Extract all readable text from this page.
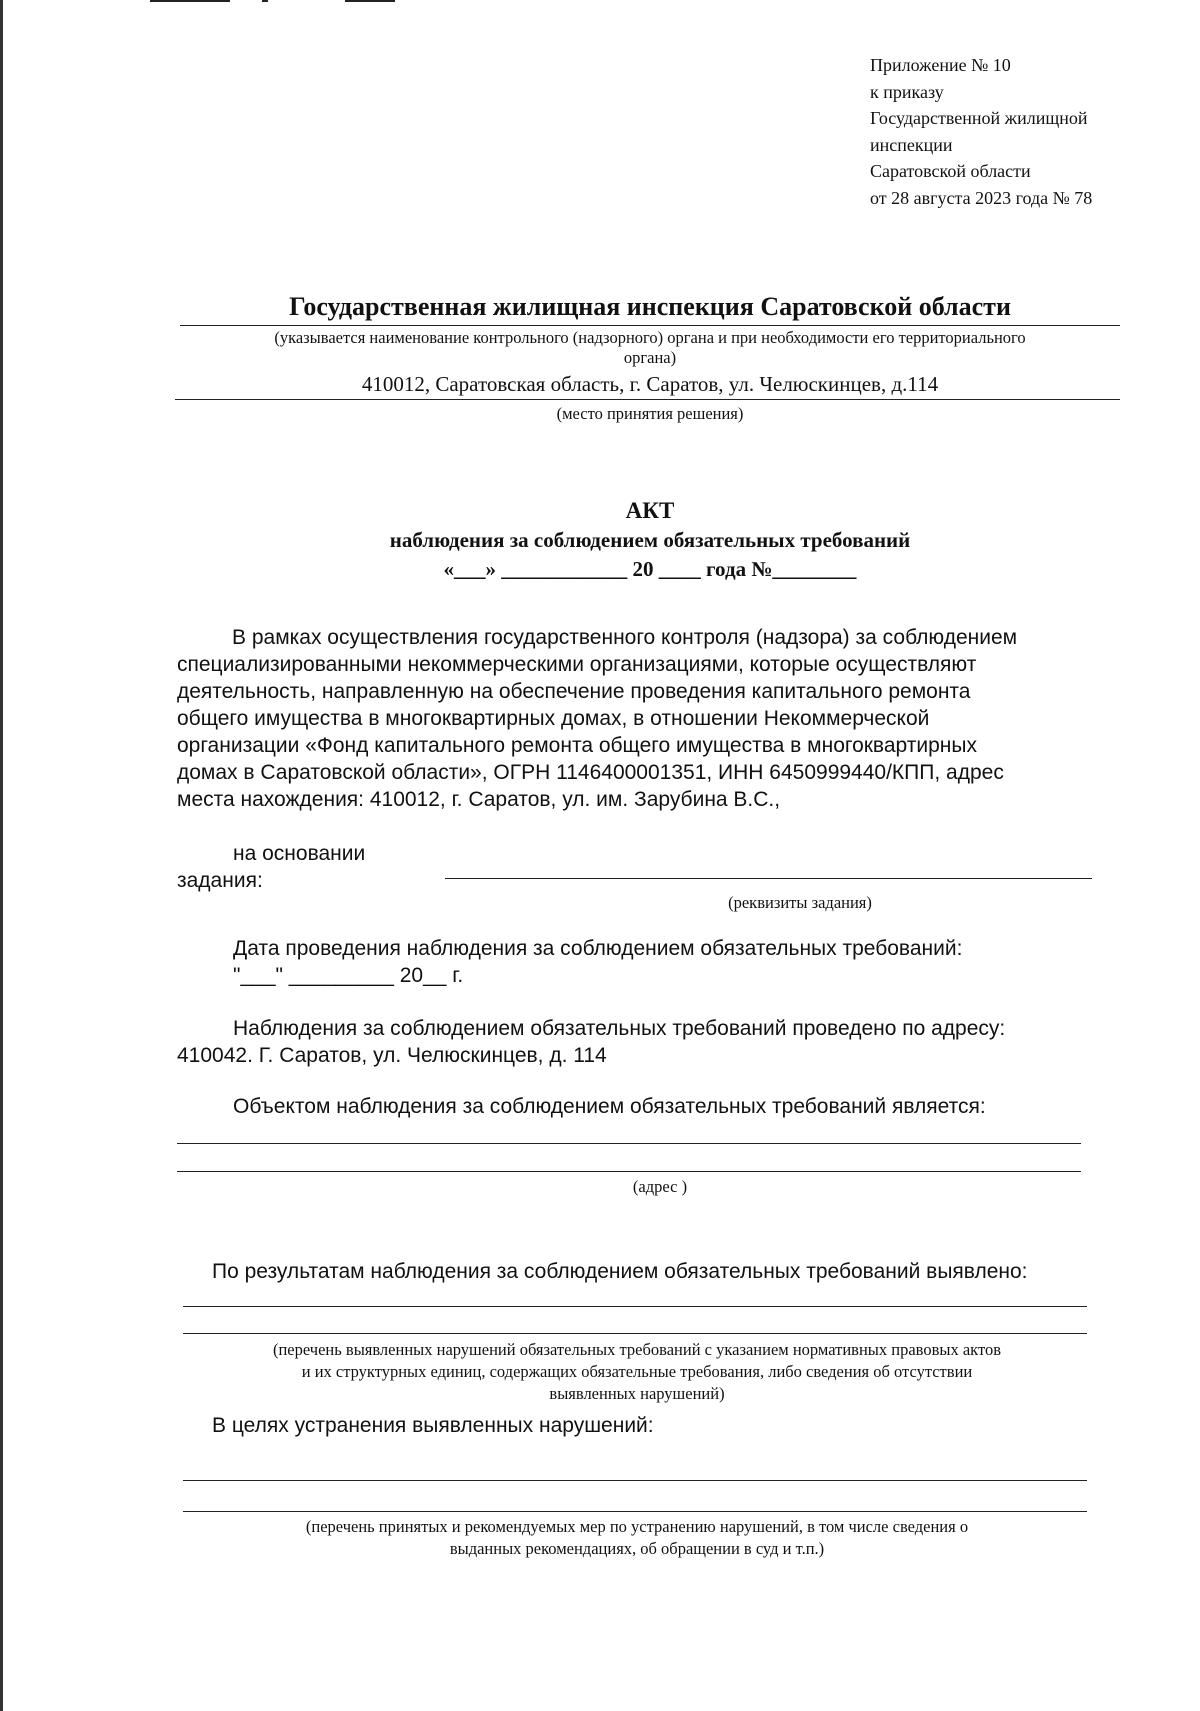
Приложение № 10
к приказу
Государственной жилищной
инспекции
Саратовской области
от 28 августа 2023 года № 78
Государственная жилищная инспекция Саратовской области
(указывается наименование контрольного (надзорного) органа и при необходимости его территориального
органа)
410012, Саратовская область, г. Саратов, ул. Челюскинцев, д.114
(место принятия решения)
АКТ
наблюдения за соблюдением обязательных требований
«___» ____________ 20 ____ года №________
В рамках осуществления государственного контроля (надзора) за соблюдением
специализированными некоммерческими организациями, которые осуществляют
деятельность, направленную на обеспечение проведения капитального ремонта
общего имущества в многоквартирных домах, в отношении Некоммерческой
организации «Фонд капитального ремонта общего имущества в многоквартирных
домах в Саратовской области», ОГРН 1146400001351, ИНН 6450999440/КПП, адрес
места нахождения: 410012, г. Саратов, ул. им. Зарубина В.С.,
на основании
задания:
(реквизиты задания)
Дата проведения наблюдения за соблюдением обязательных требований:
"___" _________ 20__ г.
Наблюдения за соблюдением обязательных требований проведено по адресу:
410042. Г. Саратов, ул. Челюскинцев, д. 114
Объектом наблюдения за соблюдением обязательных требований является:
(адрес )
По результатам наблюдения за соблюдением обязательных требований выявлено:
(перечень выявленных нарушений обязательных требований с указанием нормативных правовых актов
и их структурных единиц, содержащих обязательные требования, либо сведения об отсутствии
выявленных нарушений)
В целях устранения выявленных нарушений:
(перечень принятых и рекомендуемых мер по устранению нарушений, в том числе сведения о
выданных рекомендациях, об обращении в суд и т.п.)
